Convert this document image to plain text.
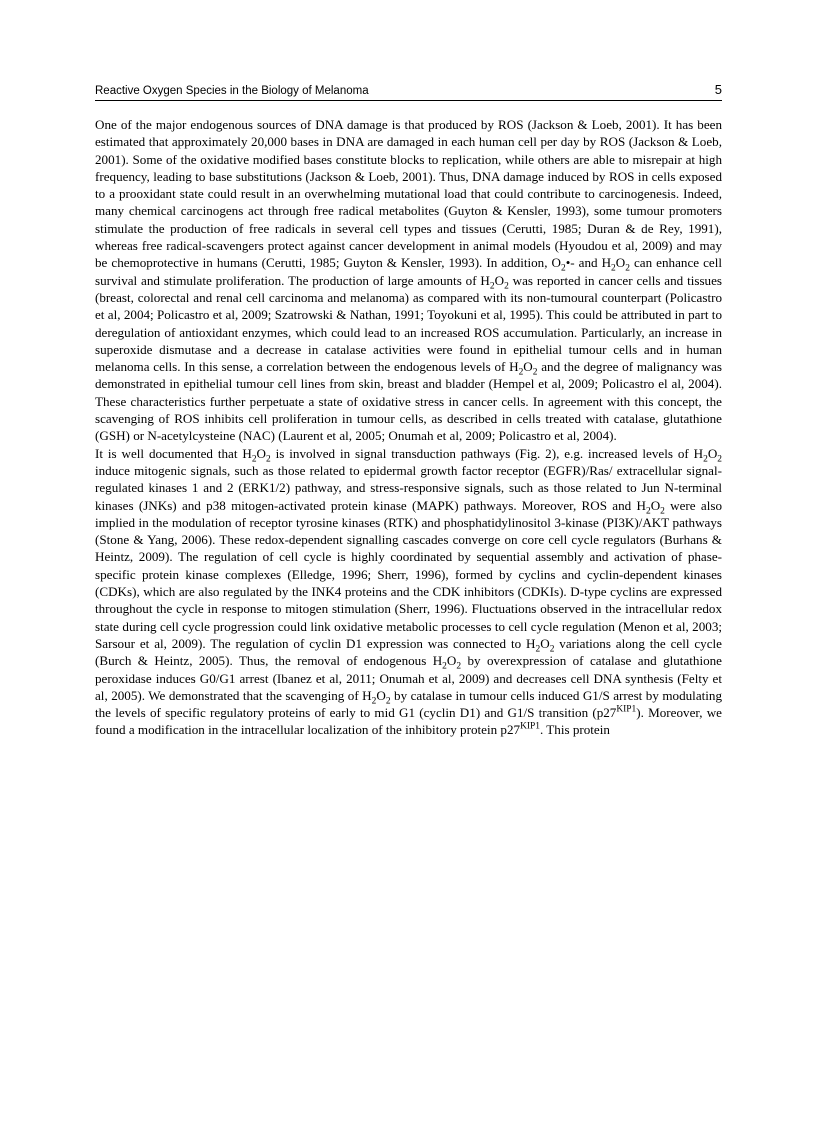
Reactive Oxygen Species in the Biology of Melanoma	5

One of the major endogenous sources of DNA damage is that produced by ROS (Jackson & Loeb, 2001). It has been estimated that approximately 20,000 bases in DNA are damaged in each human cell per day by ROS (Jackson & Loeb, 2001). Some of the oxidative modified bases constitute blocks to replication, while others are able to misrepair at high frequency, leading to base substitutions (Jackson & Loeb, 2001). Thus, DNA damage induced by ROS in cells exposed to a prooxidant state could result in an overwhelming mutational load that could contribute to carcinogenesis. Indeed, many chemical carcinogens act through free radical metabolites (Guyton & Kensler, 1993), some tumour promoters stimulate the production of free radicals in several cell types and tissues (Cerutti, 1985; Duran & de Rey, 1991), whereas free radical-scavengers protect against cancer development in animal models (Hyoudou et al, 2009) and may be chemoprotective in humans (Cerutti, 1985; Guyton & Kensler, 1993). In addition, $O_2•-$ and $H_2O_2$ can enhance cell survival and stimulate proliferation. The production of large amounts of $H_2O_2$ was reported in cancer cells and tissues (breast, colorectal and renal cell carcinoma and melanoma) as compared with its non-tumoural counterpart (Policastro et al, 2004; Policastro et al, 2009; Szatrowski & Nathan, 1991; Toyokuni et al, 1995). This could be attributed in part to deregulation of antioxidant enzymes, which could lead to an increased ROS accumulation. Particularly, an increase in superoxide dismutase and a decrease in catalase activities were found in epithelial tumour cells and in human melanoma cells. In this sense, a correlation between the endogenous levels of $H_2O_2$ and the degree of malignancy was demonstrated in epithelial tumour cell lines from skin, breast and bladder (Hempel et al, 2009; Policastro el al, 2004). These characteristics further perpetuate a state of oxidative stress in cancer cells. In agreement with this concept, the scavenging of ROS inhibits cell proliferation in tumour cells, as described in cells treated with catalase, glutathione (GSH) or N-acetylcysteine (NAC) (Laurent et al, 2005; Onumah et al, 2009; Policastro et al, 2004).

It is well documented that $H_2O_2$ is involved in signal transduction pathways (Fig. 2), e.g. increased levels of $H_2O_2$ induce mitogenic signals, such as those related to epidermal growth factor receptor (EGFR)/Ras/ extracellular signal-regulated kinases 1 and 2 (ERK1/2) pathway, and stress-responsive signals, such as those related to Jun N-terminal kinases (JNKs) and p38 mitogen-activated protein kinase (MAPK) pathways. Moreover, ROS and $H_2O_2$ were also implied in the modulation of receptor tyrosine kinases (RTK) and phosphatidylinositol 3-kinase (PI3K)/AKT pathways (Stone & Yang, 2006). These redox-dependent signalling cascades converge on core cell cycle regulators (Burhans & Heintz, 2009). The regulation of cell cycle is highly coordinated by sequential assembly and activation of phase-specific protein kinase complexes (Elledge, 1996; Sherr, 1996), formed by cyclins and cyclin-dependent kinases (CDKs), which are also regulated by the INK4 proteins and the CDK inhibitors (CDKIs). D-type cyclins are expressed throughout the cycle in response to mitogen stimulation (Sherr, 1996). Fluctuations observed in the intracellular redox state during cell cycle progression could link oxidative metabolic processes to cell cycle regulation (Menon et al, 2003; Sarsour et al, 2009). The regulation of cyclin D1 expression was connected to $H_2O_2$ variations along the cell cycle (Burch & Heintz, 2005). Thus, the removal of endogenous $H_2O_2$ by overexpression of catalase and glutathione peroxidase induces G0/G1 arrest (Ibanez et al, 2011; Onumah et al, 2009) and decreases cell DNA synthesis (Felty et al, 2005). We demonstrated that the scavenging of $H_2O_2$ by catalase in tumour cells induced G1/S arrest by modulating the levels of specific regulatory proteins of early to mid G1 (cyclin D1) and G1/S transition $(p27^{KIP1})$. Moreover, we found a modification in the intracellular localization of the inhibitory protein $p27^{KIP1}$. This protein
